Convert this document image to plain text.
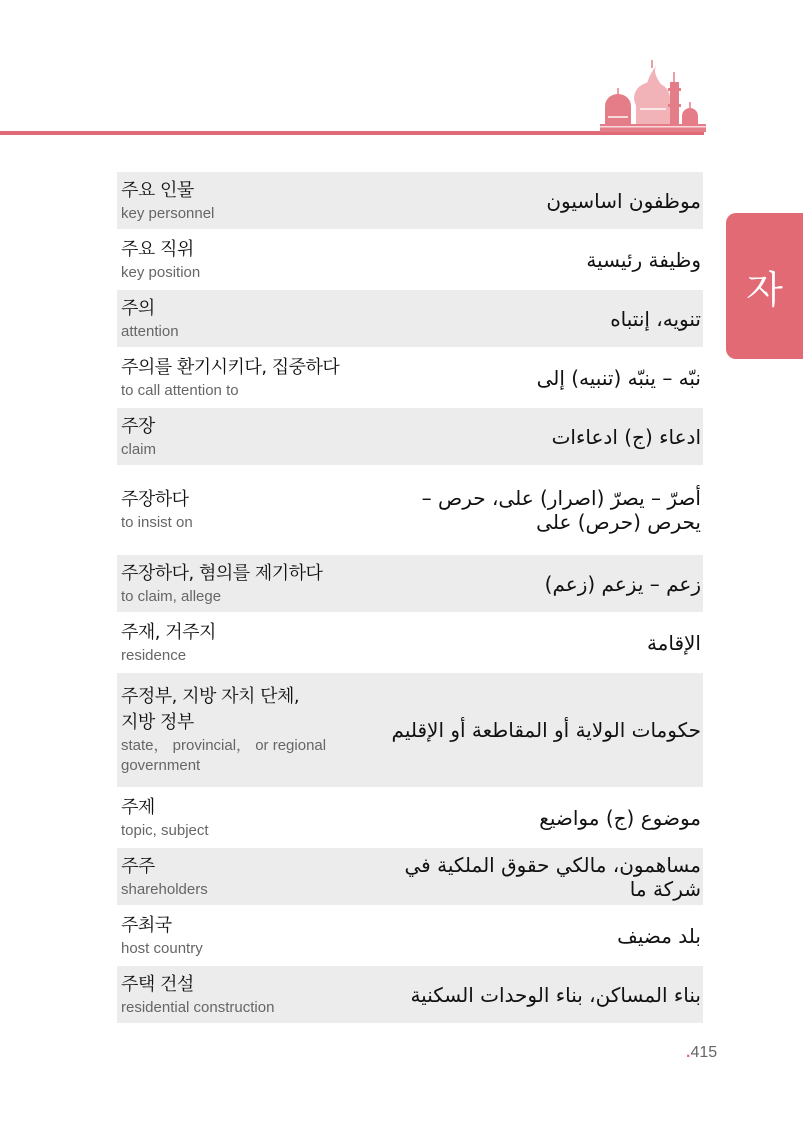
자
주요 인물
key personnel
موظفون اساسيون
주요 직위
key position
وظيفة رئيسية
주의
attention
تنويه، إنتباه
주의를 환기시키다, 집중하다
to call attention to
نبّه – ينبّه (تنبيه) إلى
주장
claim
ادعاء (ج) ادعاءات
주장하다
to insist on
أصرّ – يصرّ (اصرار) على، حرص – يحرص (حرص) على
주장하다, 혐의를 제기하다
to claim, allege
زعم – يزعم (زعم)
주재, 거주지
residence
الإقامة
주정부, 지방 자치 단체,
지방 정부
state， provincial， or regional government
حكومات الولاية أو المقاطعة أو الإقليم
주제
topic, subject
موضوع (ج) مواضيع
주주
shareholders
مساهمون، مالكي حقوق الملكية في شركة ما
주최국
host country
بلد مضيف
주택 건설
residential construction
بناء المساكن، بناء الوحدات السكنية
.415
